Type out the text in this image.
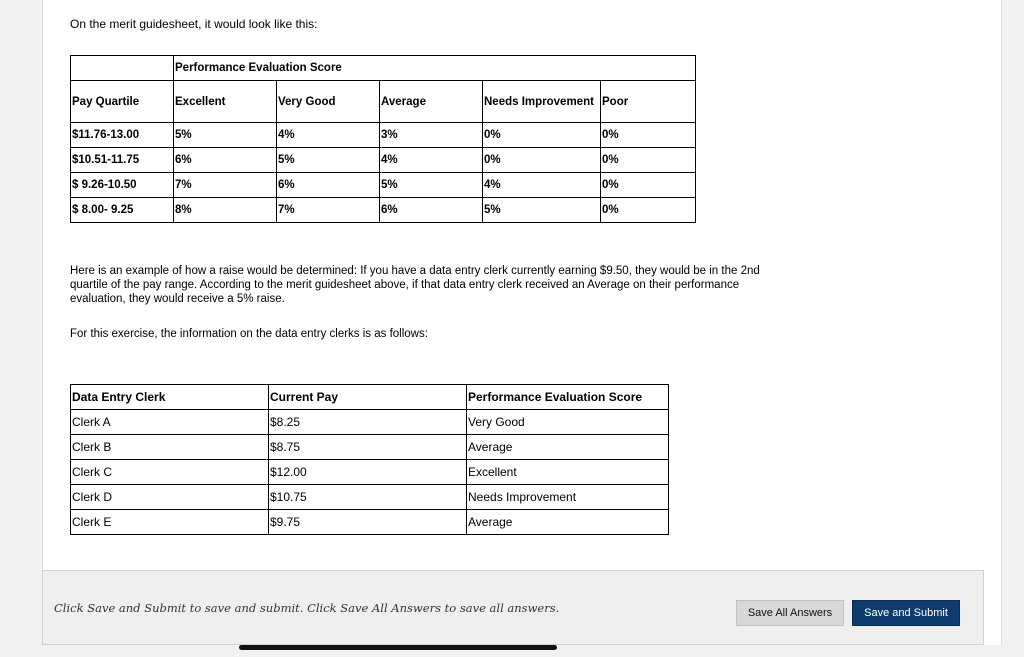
On the merit guidesheet, it would look like this:
	Performance Evaluation Score				
Pay Quartile	Excellent	Very Good	Average	Needs Improvement	Poor
$11.76-13.00	5%	4%	3%	0%	0%
$10.51-11.75	6%	5%	4%	0%	0%
$ 9.26-10.50	7%	6%	5%	4%	0%
$ 8.00- 9.25	8%	7%	6%	5%	0%
Here is an example of how a raise would be determined: If you have a data entry clerk currently earning $9.50, they would be in the 2nd quartile of the pay range. According to the merit guidesheet above, if that data entry clerk received an Average on their performance evaluation, they would receive a 5% raise.
For this exercise, the information on the data entry clerks is as follows:
Data Entry Clerk	Current Pay	Performance Evaluation Score
Clerk A	$8.25	Very Good
Clerk B	$8.75	Average
Clerk C	$12.00	Excellent
Clerk D	$10.75	Needs Improvement
Clerk E	$9.75	Average
Click Save and Submit to save and submit. Click Save All Answers to save all answers.	Save All Answers	Save and Submit
